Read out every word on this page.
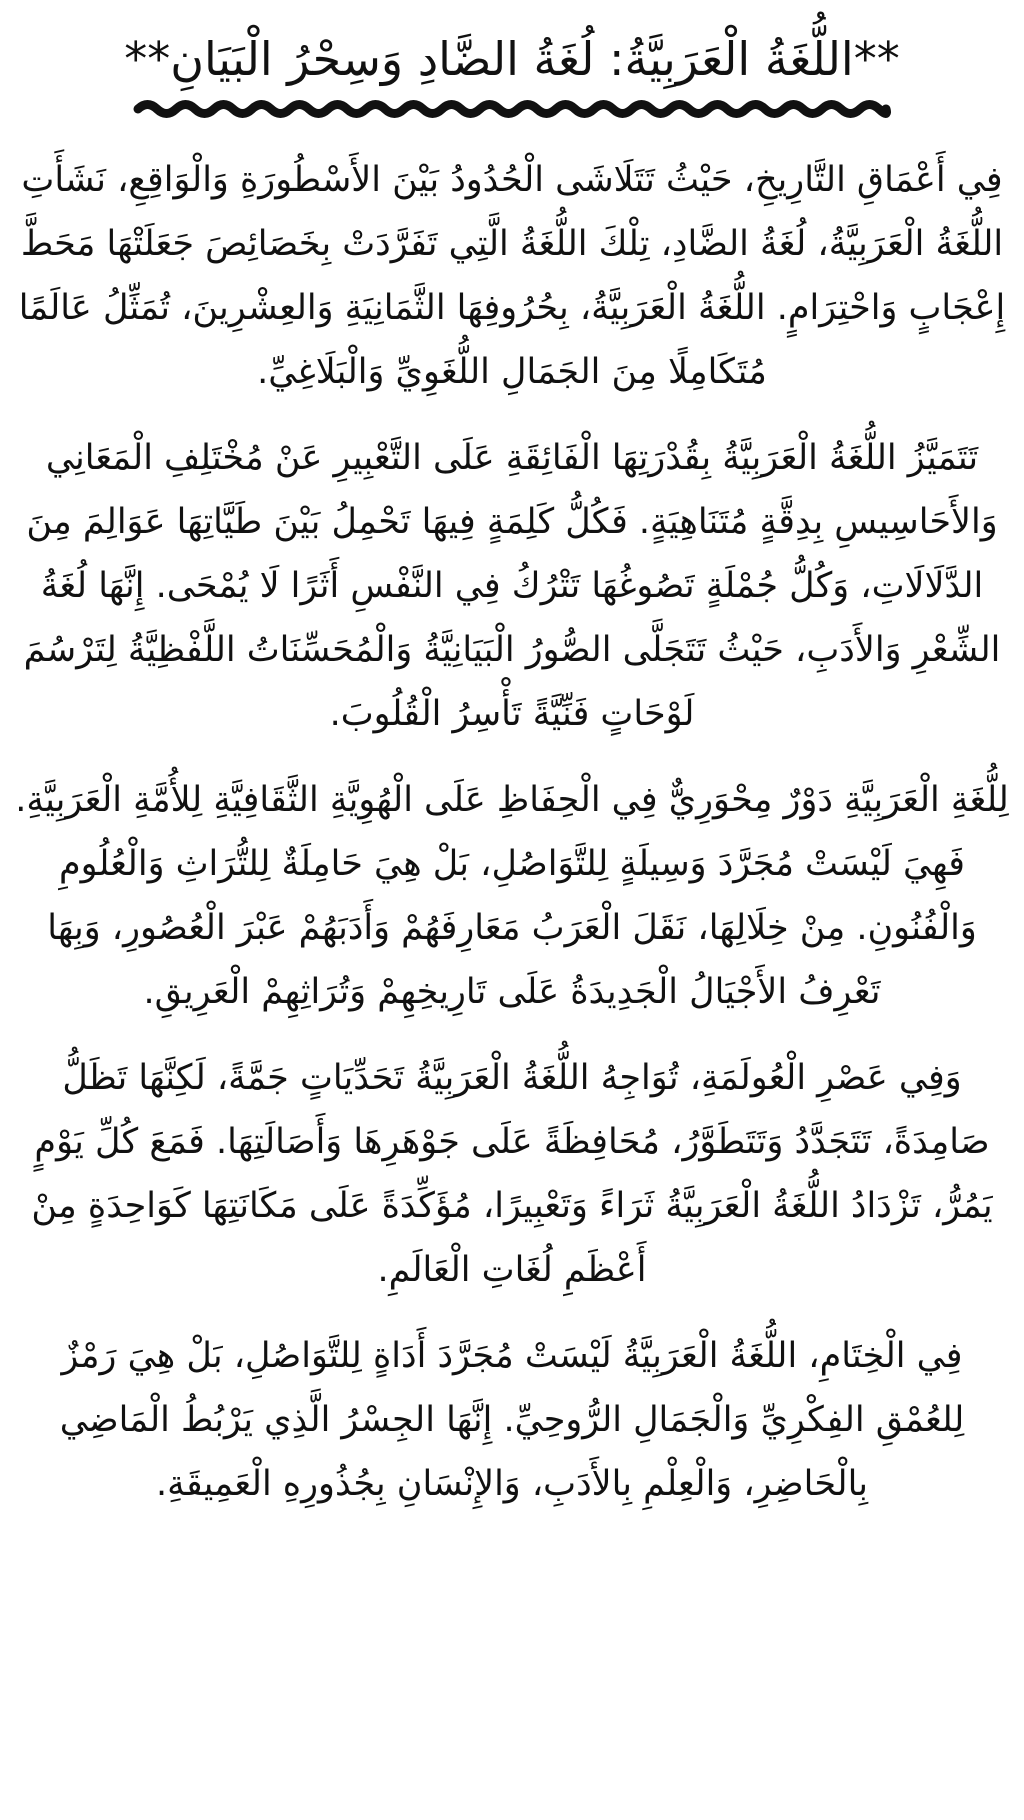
**اللُّغَةُ الْعَرَبِيَّةُ: لُغَةُ الضَّادِ وَسِحْرُ الْبَيَانِ**

فِي أَعْمَاقِ التَّارِيخِ، حَيْثُ تَتَلَاشَى الْحُدُودُ بَيْنَ الأَسْطُورَةِ وَالْوَاقِعِ، نَشَأَتِ اللُّغَةُ الْعَرَبِيَّةُ، لُغَةُ الضَّادِ، تِلْكَ اللُّغَةُ الَّتِي تَفَرَّدَتْ بِخَصَائِصَ جَعَلَتْهَا مَحَطَّ إِعْجَابٍ وَاحْتِرَامٍ. اللُّغَةُ الْعَرَبِيَّةُ، بِحُرُوفِهَا الثَّمَانِيَةِ وَالعِشْرِينَ، تُمَثِّلُ عَالَمًا مُتَكَامِلًا مِنَ الجَمَالِ اللُّغَوِيِّ وَالْبَلَاغِيِّ.

تَتَمَيَّزُ اللُّغَةُ الْعَرَبِيَّةُ بِقُدْرَتِهَا الْفَائِقَةِ عَلَى التَّعْبِيرِ عَنْ مُخْتَلِفِ الْمَعَانِي وَالأَحَاسِيسِ بِدِقَّةٍ مُتَنَاهِيَةٍ. فَكُلُّ كَلِمَةٍ فِيهَا تَحْمِلُ بَيْنَ طَيَّاتِهَا عَوَالِمَ مِنَ الدَّلَالَاتِ، وَكُلُّ جُمْلَةٍ تَصُوغُهَا تَتْرُكُ فِي النَّفْسِ أَثَرًا لَا يُمْحَى. إِنَّهَا لُغَةُ الشِّعْرِ وَالأَدَبِ، حَيْثُ تَتَجَلَّى الصُّورُ الْبَيَانِيَّةُ وَالْمُحَسِّنَاتُ اللَّفْظِيَّةُ لِتَرْسُمَ لَوْحَاتٍ فَنِّيَّةً تَأْسِرُ الْقُلُوبَ.

لِلُّغَةِ الْعَرَبِيَّةِ دَوْرٌ مِحْوَرِيٌّ فِي الْحِفَاظِ عَلَى الْهُوِيَّةِ الثَّقَافِيَّةِ لِلأُمَّةِ الْعَرَبِيَّةِ. فَهِيَ لَيْسَتْ مُجَرَّدَ وَسِيلَةٍ لِلتَّوَاصُلِ، بَلْ هِيَ حَامِلَةٌ لِلتُّرَاثِ وَالْعُلُومِ وَالْفُنُونِ. مِنْ خِلَالِهَا، نَقَلَ الْعَرَبُ مَعَارِفَهُمْ وَأَدَبَهُمْ عَبْرَ الْعُصُورِ، وَبِهَا تَعْرِفُ الأَجْيَالُ الْجَدِيدَةُ عَلَى تَارِيخِهِمْ وَتُرَاثِهِمْ الْعَرِيقِ.

وَفِي عَصْرِ الْعُولَمَةِ، تُوَاجِهُ اللُّغَةُ الْعَرَبِيَّةُ تَحَدِّيَاتٍ جَمَّةً، لَكِنَّهَا تَظَلُّ صَامِدَةً، تَتَجَدَّدُ وَتَتَطَوَّرُ، مُحَافِظَةً عَلَى جَوْهَرِهَا وَأَصَالَتِهَا. فَمَعَ كُلِّ يَوْمٍ يَمُرُّ، تَزْدَادُ اللُّغَةُ الْعَرَبِيَّةُ ثَرَاءً وَتَعْبِيرًا، مُؤَكِّدَةً عَلَى مَكَانَتِهَا كَوَاحِدَةٍ مِنْ أَعْظَمِ لُغَاتِ الْعَالَمِ.

فِي الْخِتَامِ، اللُّغَةُ الْعَرَبِيَّةُ لَيْسَتْ مُجَرَّدَ أَدَاةٍ لِلتَّوَاصُلِ، بَلْ هِيَ رَمْزٌ لِلعُمْقِ الفِكْرِيِّ وَالْجَمَالِ الرُّوحِيِّ. إِنَّهَا الجِسْرُ الَّذِي يَرْبُطُ الْمَاضِي بِالْحَاضِرِ، وَالْعِلْمِ بِالأَدَبِ، وَالإِنْسَانِ بِجُذُورِهِ الْعَمِيقَةِ.
